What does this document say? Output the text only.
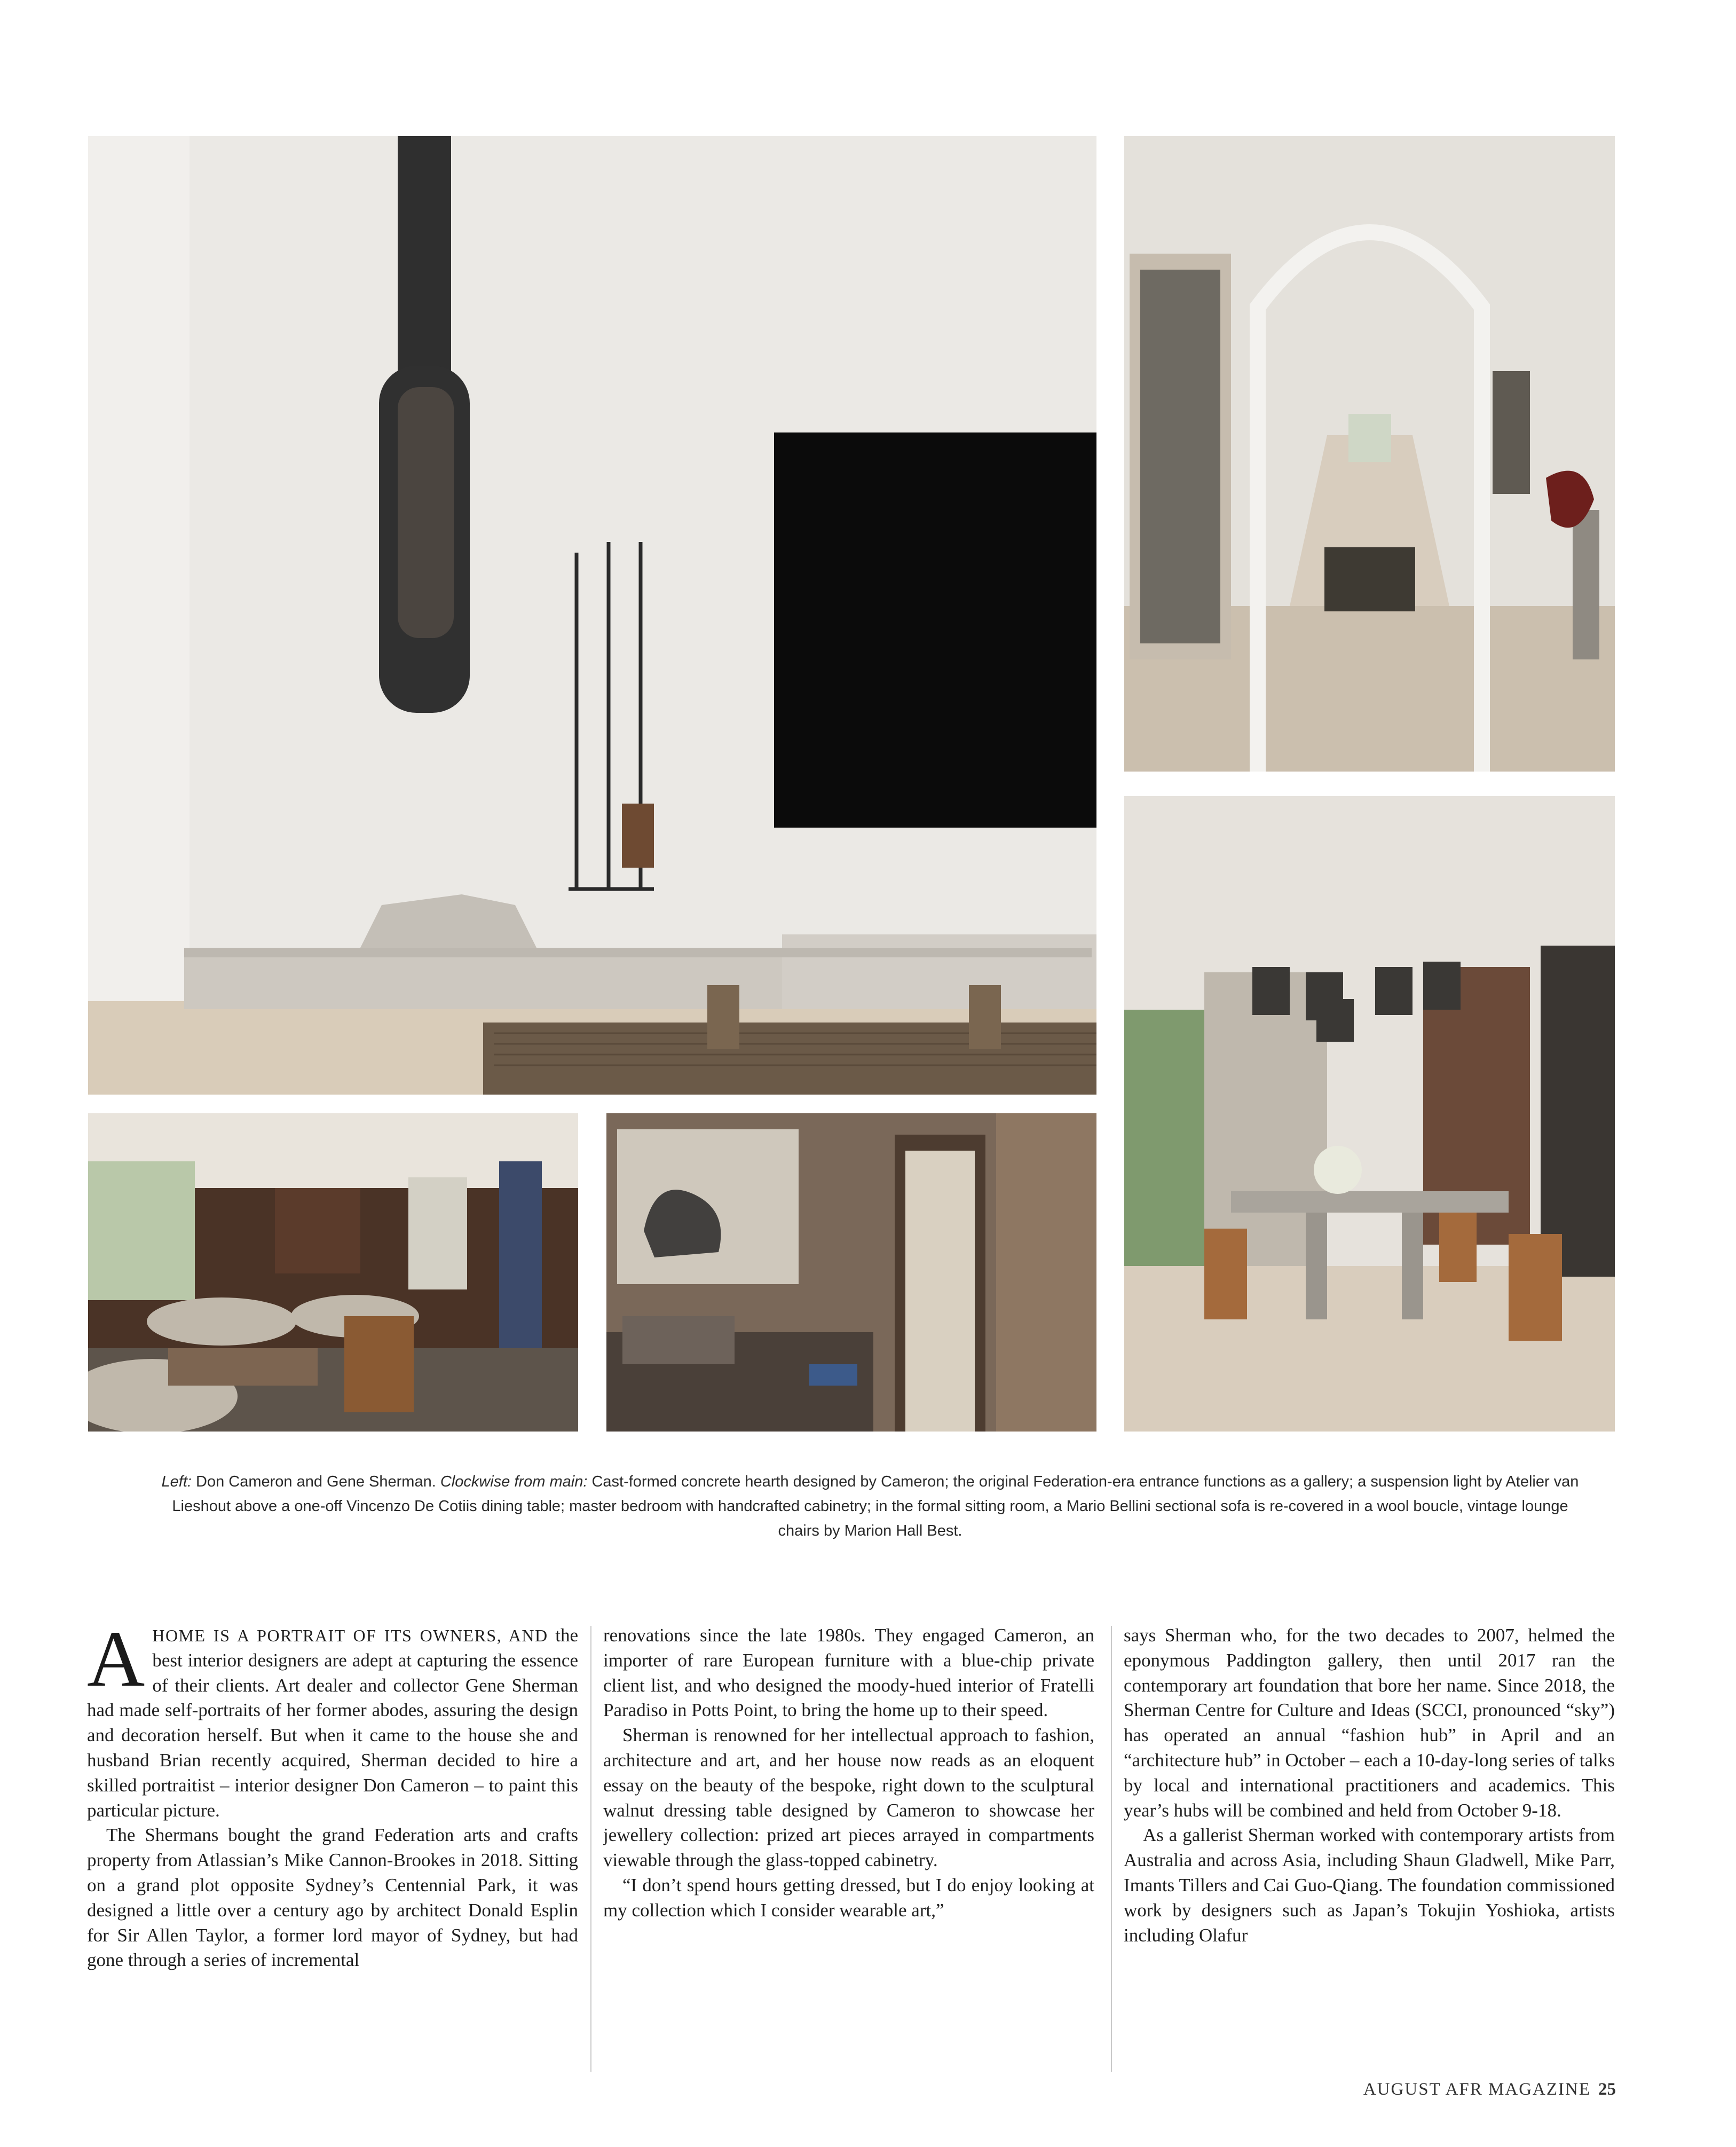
Left: Don Cameron and Gene Sherman. Clockwise from main: Cast-formed concrete hearth designed by Cameron; the original Federation-era entrance functions as a gallery; a suspension light by Atelier van Lieshout above a one-off Vincenzo De Cotiis dining table; master bedroom with handcrafted cabinetry; in the formal sitting room, a Mario Bellini sectional sofa is re-covered in a wool boucle, vintage lounge chairs by Marion Hall Best.

AHOME IS A PORTRAIT OF ITS OWNERS, AND the best interior designers are adept at capturing the essence of their clients. Art dealer and collector Gene Sherman had made self-portraits of her former abodes, assuring the design and decoration herself. But when it came to the house she and husband Brian recently acquired, Sherman decided to hire a skilled portraitist – interior designer Don Cameron – to paint this particular picture.

The Shermans bought the grand Federation arts and crafts property from Atlassian’s Mike Cannon-Brookes in 2018. Sitting on a grand plot opposite Sydney’s Centennial Park, it was designed a little over a century ago by architect Donald Esplin for Sir Allen Taylor, a former lord mayor of Sydney, but had gone through a series of incremental

renovations since the late 1980s. They engaged Cameron, an importer of rare European furniture with a blue-chip private client list, and who designed the moody-hued interior of Fratelli Paradiso in Potts Point, to bring the home up to their speed.

Sherman is renowned for her intellectual approach to fashion, architecture and art, and her house now reads as an eloquent essay on the beauty of the bespoke, right down to the sculptural walnut dressing table designed by Cameron to showcase her jewellery collection: prized art pieces arrayed in compartments viewable through the glass-topped cabinetry.

“I don’t spend hours getting dressed, but I do enjoy looking at my collection which I consider wearable art,”

says Sherman who, for the two decades to 2007, helmed the eponymous Paddington gallery, then until 2017 ran the contemporary art foundation that bore her name. Since 2018, the Sherman Centre for Culture and Ideas (SCCI, pronounced “sky”) has operated an annual “fashion hub” in April and an “architecture hub” in October – each a 10-day-long series of talks by local and international practitioners and academics. This year’s hubs will be combined and held from October 9-18.

As a gallerist Sherman worked with contemporary artists from Australia and across Asia, including Shaun Gladwell, Mike Parr, Imants Tillers and Cai Guo-Qiang. The foundation commissioned work by designers such as Japan’s Tokujin Yoshioka, artists including Olafur

AUGUST AFR MAGAZINE 25
